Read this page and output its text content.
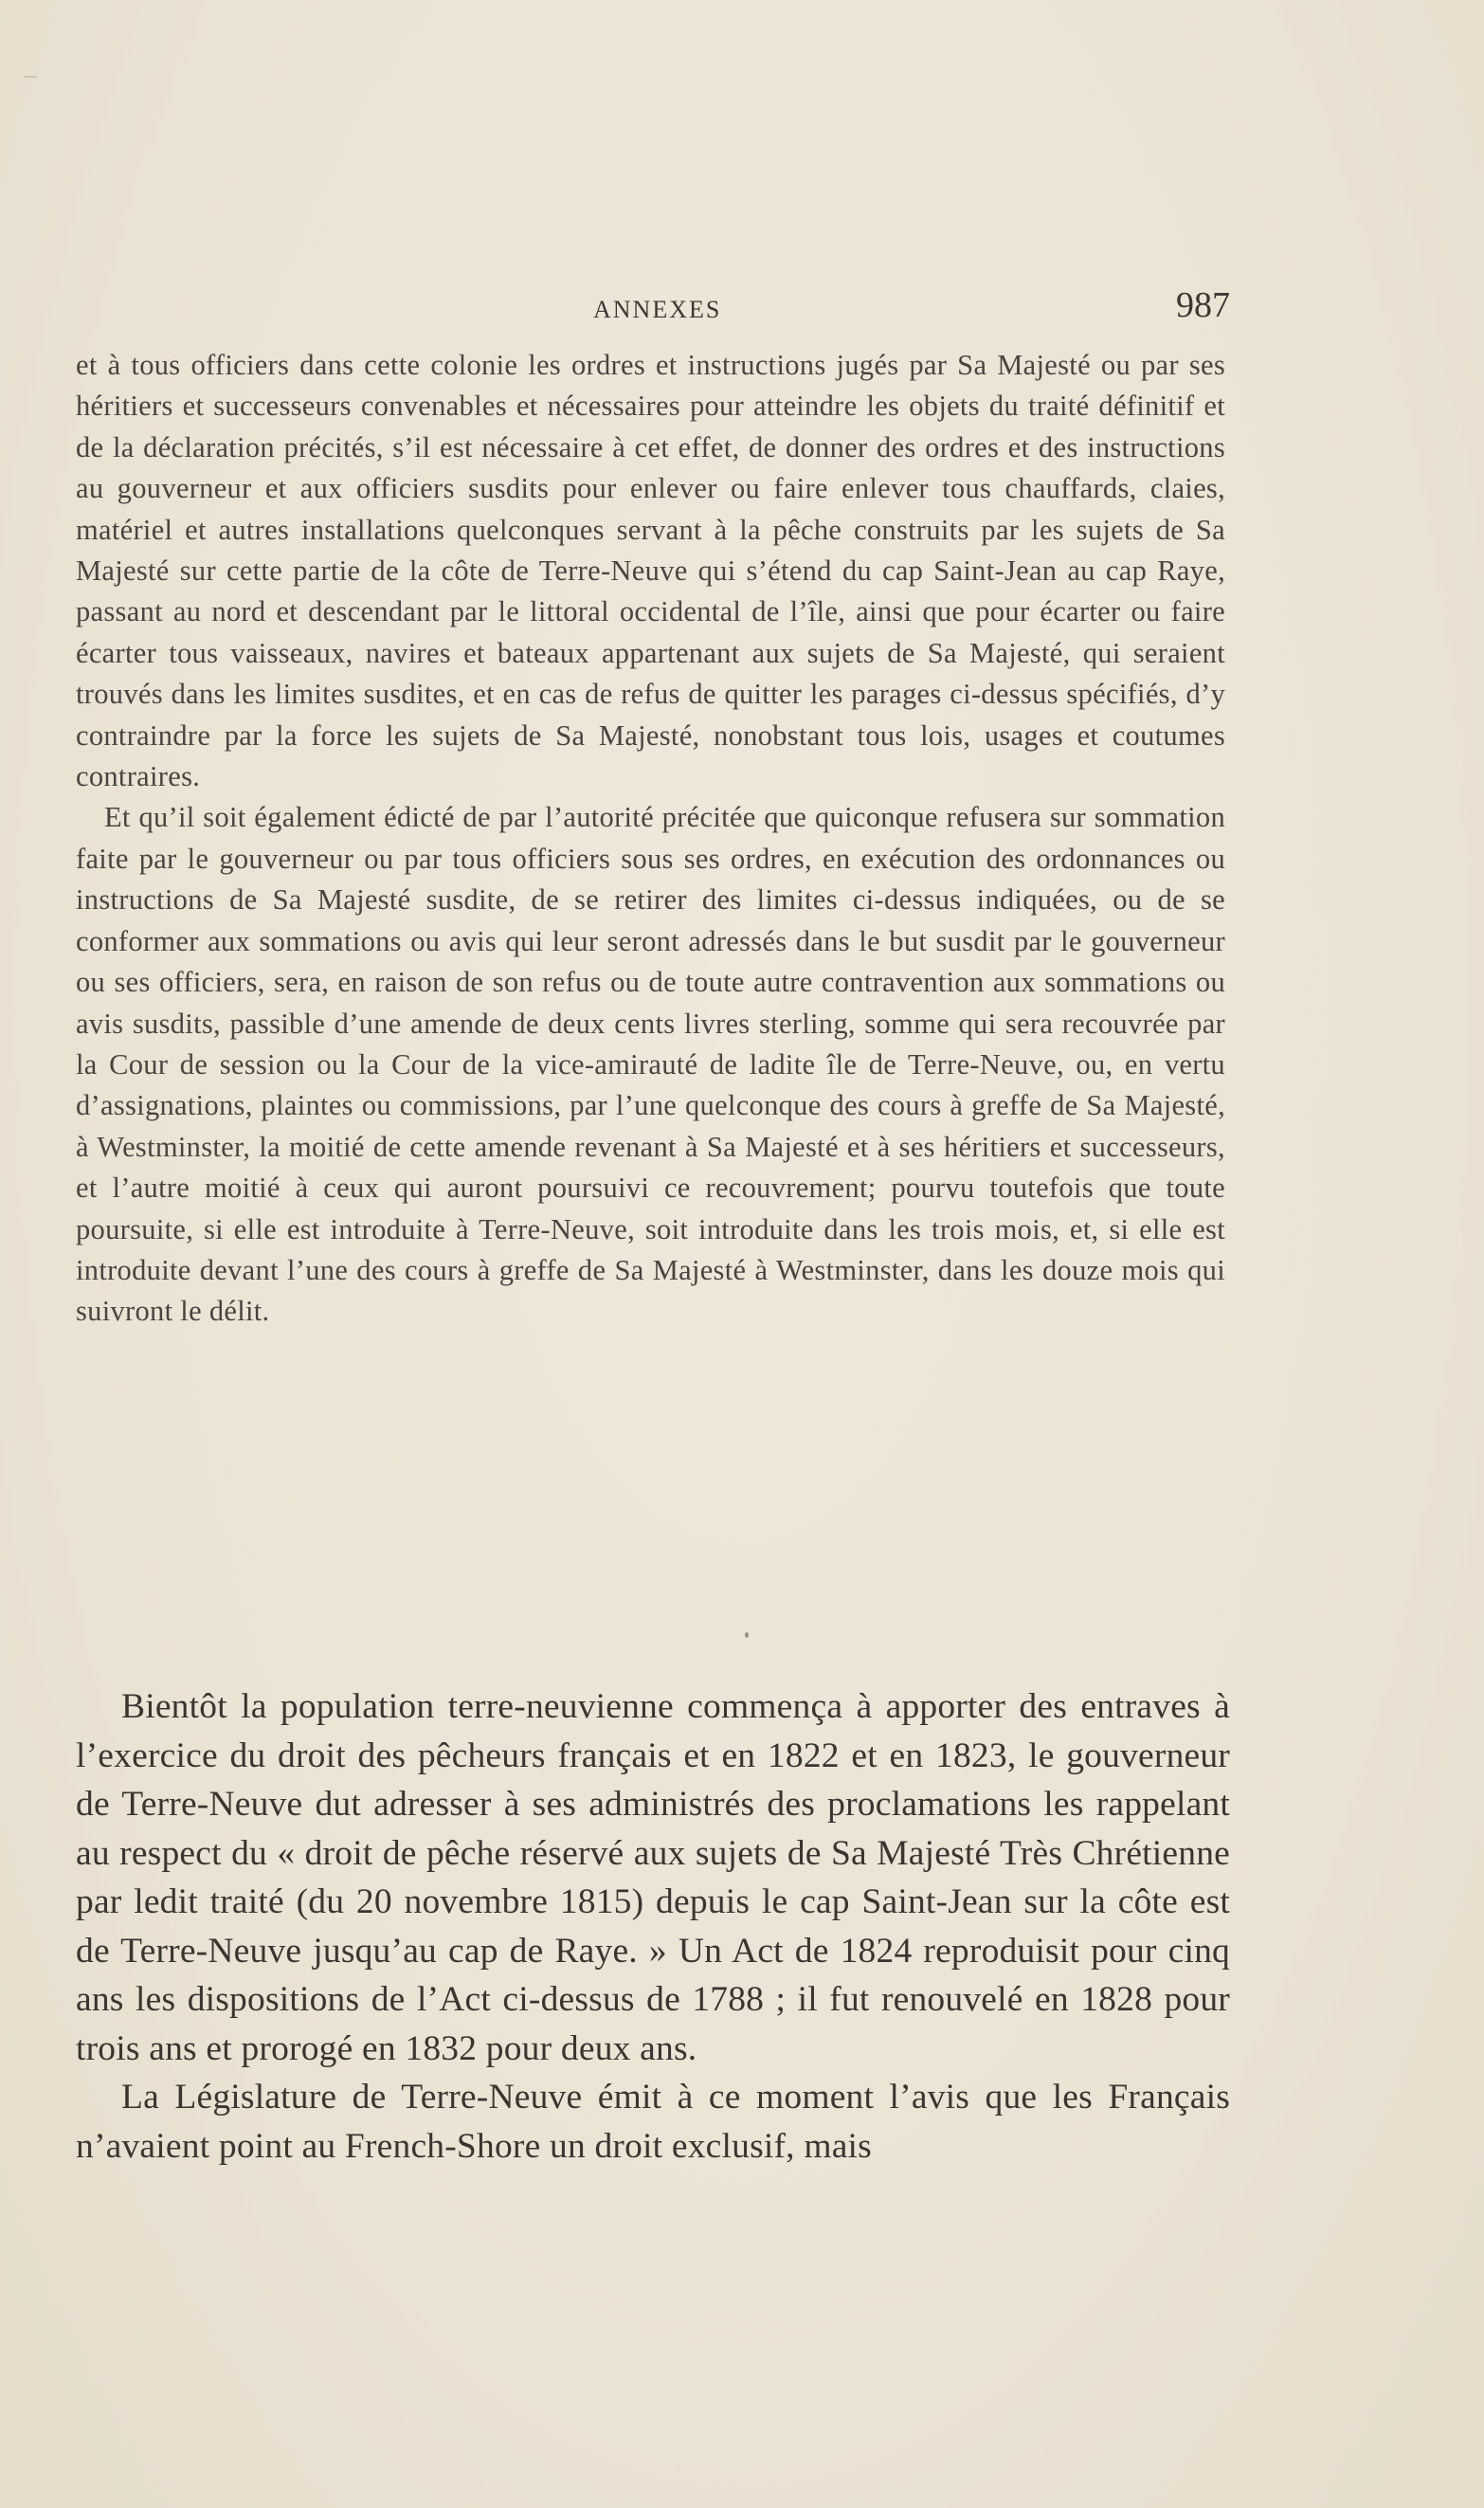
ANNEXES	987

et à tous officiers dans cette colonie les ordres et instructions jugés par Sa Majesté ou par ses héritiers et successeurs convenables et nécessaires pour atteindre les objets du traité définitif et de la déclaration précités, s’il est nécessaire à cet effet, de donner des ordres et des instructions au gouverneur et aux officiers susdits pour enlever ou faire enlever tous chauffards, claies, matériel et autres installations quelconques servant à la pêche construits par les sujets de Sa Majesté sur cette partie de la côte de Terre-Neuve qui s’étend du cap Saint-Jean au cap Raye, passant au nord et descendant par le littoral occidental de l’île, ainsi que pour écarter ou faire écarter tous vaisseaux, navires et bateaux appartenant aux sujets de Sa Majesté, qui seraient trouvés dans les limites susdites, et en cas de refus de quitter les parages ci-dessus spécifiés, d’y contraindre par la force les sujets de Sa Majesté, nonobstant tous lois, usages et coutumes contraires.

Et qu’il soit également édicté de par l’autorité précitée que quiconque refusera sur sommation faite par le gouverneur ou par tous officiers sous ses ordres, en exécution des ordonnances ou instructions de Sa Majesté susdite, de se retirer des limites ci-dessus indiquées, ou de se conformer aux sommations ou avis qui leur seront adressés dans le but susdit par le gouverneur ou ses officiers, sera, en raison de son refus ou de toute autre contravention aux sommations ou avis susdits, passible d’une amende de deux cents livres sterling, somme qui sera recouvrée par la Cour de session ou la Cour de la vice-amirauté de ladite île de Terre-Neuve, ou, en vertu d’assignations, plaintes ou commissions, par l’une quelconque des cours à greffe de Sa Majesté, à Westminster, la moitié de cette amende revenant à Sa Majesté et à ses héritiers et successeurs, et l’autre moitié à ceux qui auront poursuivi ce recouvrement; pourvu toutefois que toute poursuite, si elle est introduite à Terre-Neuve, soit introduite dans les trois mois, et, si elle est introduite devant l’une des cours à greffe de Sa Majesté à Westminster, dans les douze mois qui suivront le délit.

Bientôt la population terre-neuvienne commença à apporter des entraves à l’exercice du droit des pêcheurs français et en 1822 et en 1823, le gouverneur de Terre-Neuve dut adresser à ses administrés des proclamations les rappelant au respect du « droit de pêche réservé aux sujets de Sa Majesté Très Chrétienne par ledit traité (du 20 novembre 1815) depuis le cap Saint-Jean sur la côte est de Terre-Neuve jusqu’au cap de Raye. » Un Act de 1824 reproduisit pour cinq ans les dispositions de l’Act ci-dessus de 1788 ; il fut renouvelé en 1828 pour trois ans et prorogé en 1832 pour deux ans.

La Législature de Terre-Neuve émit à ce moment l’avis que les Français n’avaient point au French-Shore un droit exclusif, mais
